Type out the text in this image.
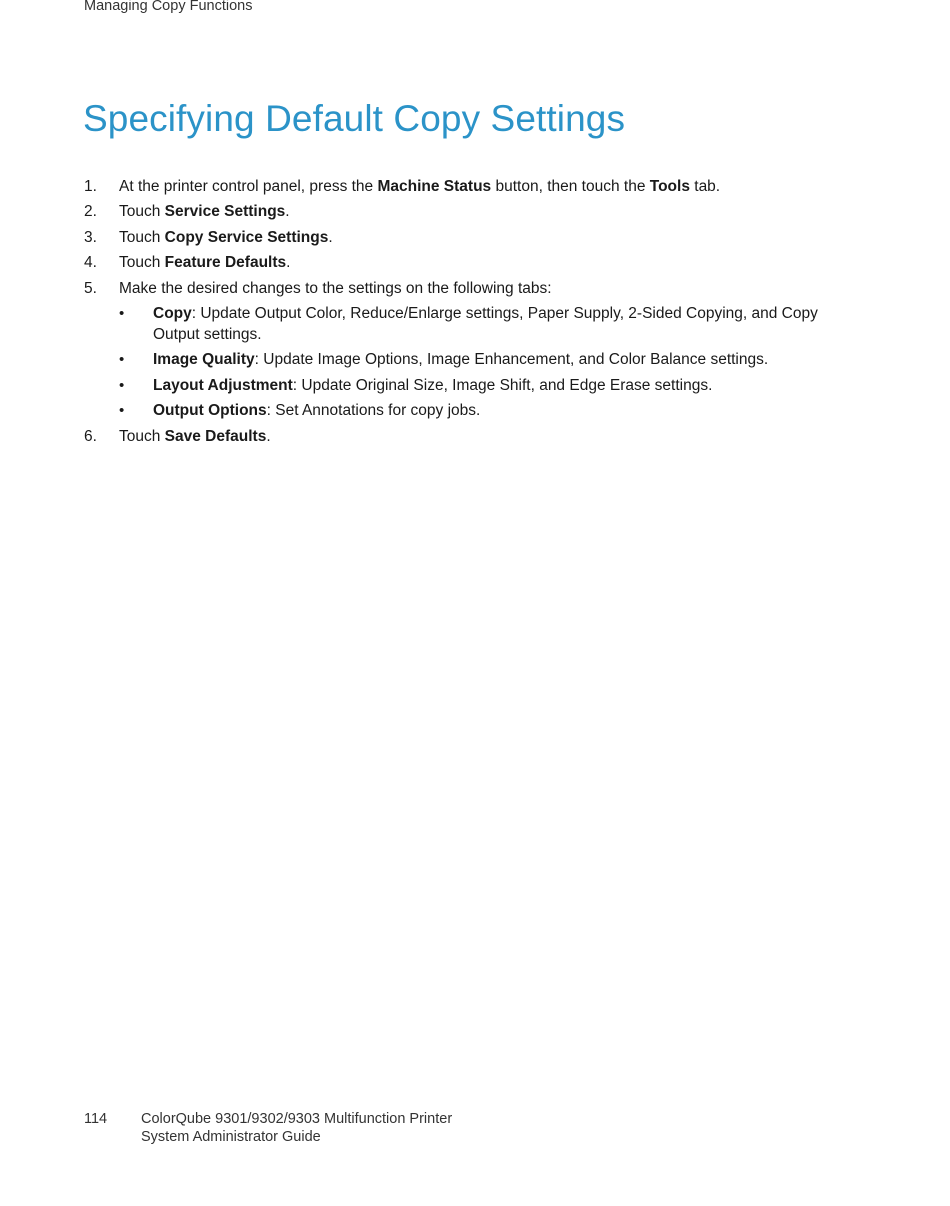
Managing Copy Functions
Specifying Default Copy Settings
1. At the printer control panel, press the Machine Status button, then touch the Tools tab.
2. Touch Service Settings.
3. Touch Copy Service Settings.
4. Touch Feature Defaults.
5. Make the desired changes to the settings on the following tabs:
• Copy: Update Output Color, Reduce/Enlarge settings, Paper Supply, 2-Sided Copying, and Copy Output settings.
• Image Quality: Update Image Options, Image Enhancement, and Color Balance settings.
• Layout Adjustment: Update Original Size, Image Shift, and Edge Erase settings.
• Output Options: Set Annotations for copy jobs.
6. Touch Save Defaults.
114 ColorQube 9301/9302/9303 Multifunction Printer
System Administrator Guide
